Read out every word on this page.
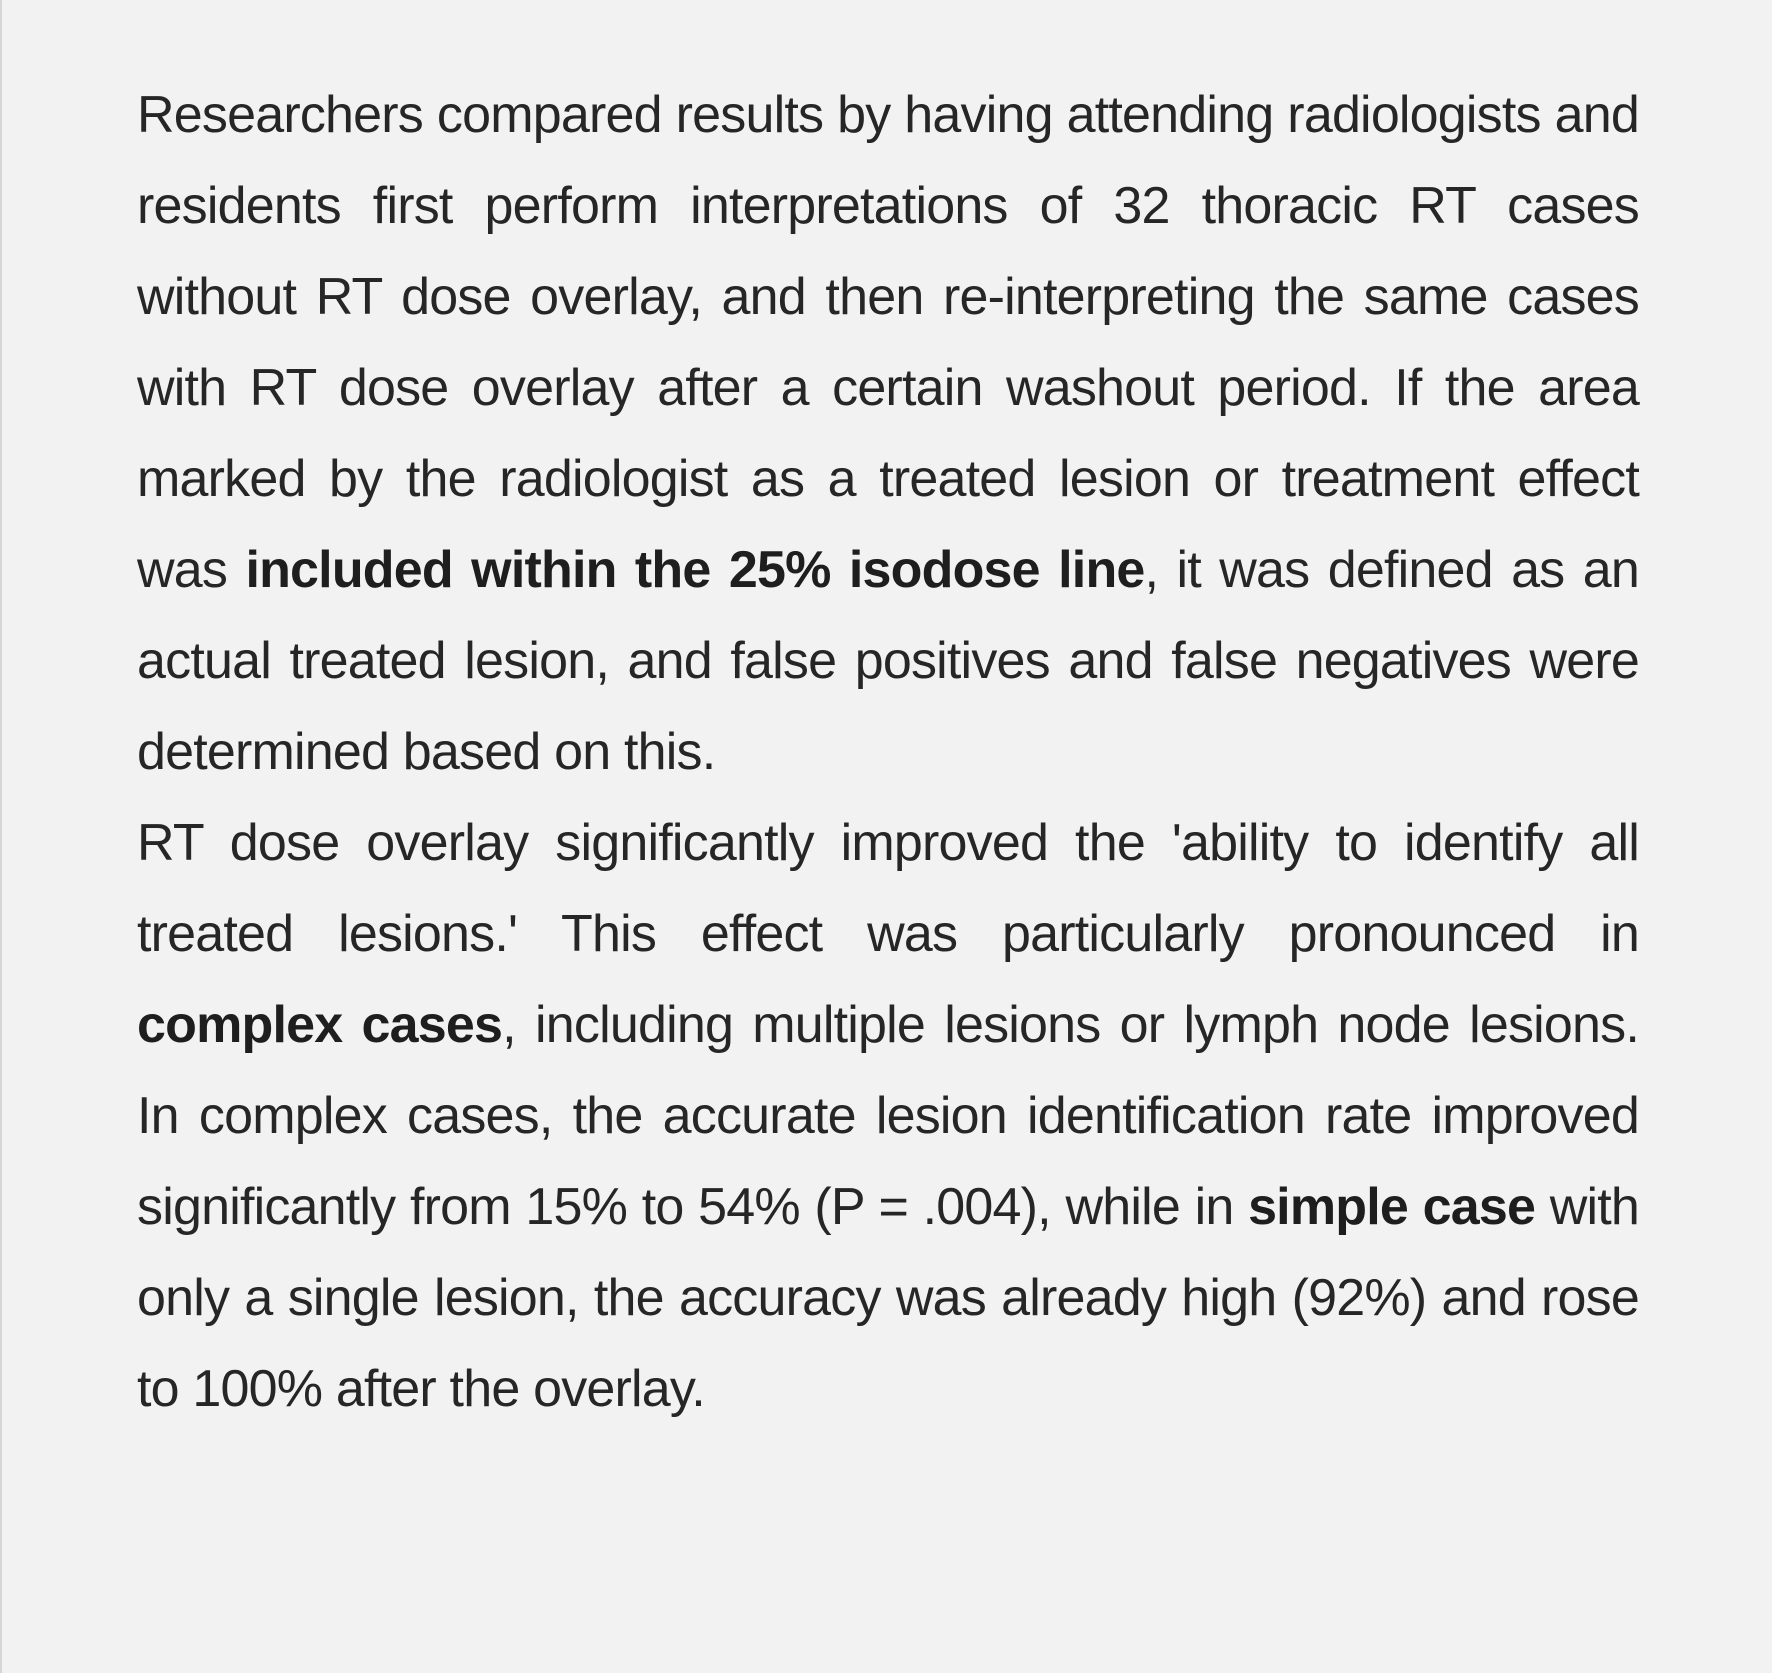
Researchers compared results by having attending radiologists and residents first perform interpretations of 32 thoracic RT cases without RT dose overlay, and then re-interpreting the same cases with RT dose overlay after a certain washout period. If the area marked by the radiologist as a treated lesion or treatment effect was included within the 25% isodose line, it was defined as an actual treated lesion, and false positives and false negatives were determined based on this.

RT dose overlay significantly improved the 'ability to identify all treated lesions.' This effect was particularly pronounced in complex cases, including multiple lesions or lymph node lesions. In complex cases, the accurate lesion identification rate improved significantly from 15% to 54% (P = .004), while in simple case with only a single lesion, the accuracy was already high (92%) and rose to 100% after the overlay.
